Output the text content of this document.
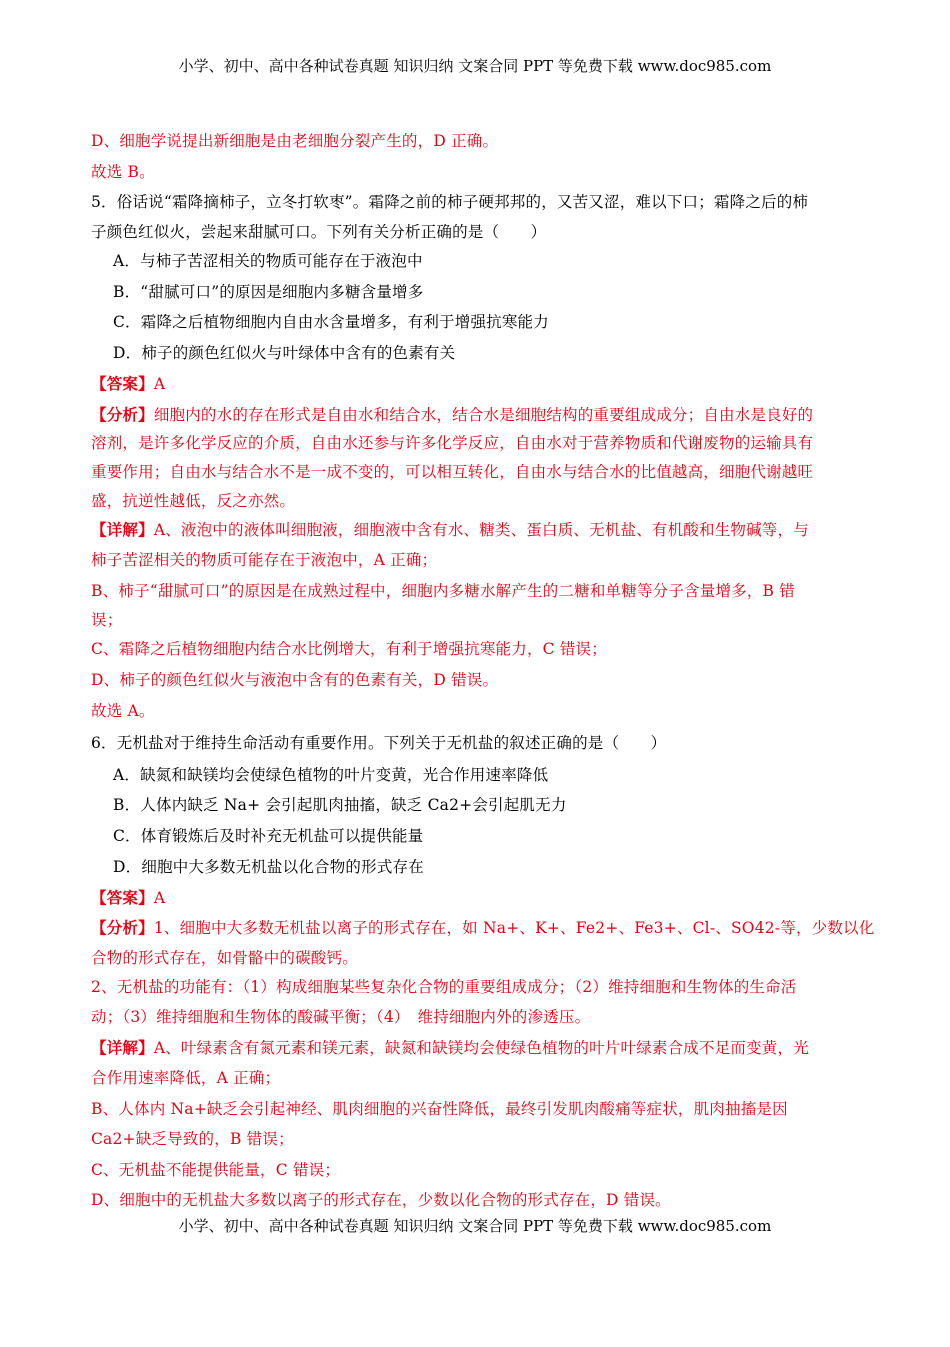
小学、初中、高中各种试卷真题 知识归纳 文案合同 PPT 等免费下载 www.doc985.com
D、细胞学说提出新细胞是由老细胞分裂产生的，D 正确。
故选 B。
5．俗话说“霜降摘柿子，立冬打软枣”。霜降之前的柿子硬邦邦的，又苦又涩，难以下口；霜降之后的柿
子颜色红似火，尝起来甜腻可口。下列有关分析正确的是（　　）
A．与柿子苦涩相关的物质可能存在于液泡中
B．“甜腻可口”的原因是细胞内多糖含量增多
C．霜降之后植物细胞内自由水含量增多，有利于增强抗寒能力
D．柿子的颜色红似火与叶绿体中含有的色素有关
【答案】A
【分析】细胞内的水的存在形式是自由水和结合水，结合水是细胞结构的重要组成成分；自由水是良好的
溶剂，是许多化学反应的介质，自由水还参与许多化学反应，自由水对于营养物质和代谢废物的运输具有
重要作用；自由水与结合水不是一成不变的，可以相互转化，自由水与结合水的比值越高，细胞代谢越旺
盛，抗逆性越低，反之亦然。
【详解】A、液泡中的液体叫细胞液，细胞液中含有水、糖类、蛋白质、无机盐、有机酸和生物碱等，与
柿子苦涩相关的物质可能存在于液泡中，A 正确；
B、柿子“甜腻可口”的原因是在成熟过程中，细胞内多糖水解产生的二糖和单糖等分子含量增多，B 错
误；
C、霜降之后植物细胞内结合水比例增大，有利于增强抗寒能力，C 错误；
D、柿子的颜色红似火与液泡中含有的色素有关，D 错误。
故选 A。
6．无机盐对于维持生命活动有重要作用。下列关于无机盐的叙述正确的是（　　）
A．缺氮和缺镁均会使绿色植物的叶片变黄，光合作用速率降低
B．人体内缺乏 Na+ 会引起肌肉抽搐，缺乏 Ca2+会引起肌无力
C．体育锻炼后及时补充无机盐可以提供能量
D．细胞中大多数无机盐以化合物的形式存在
【答案】A
【分析】1、细胞中大多数无机盐以离子的形式存在，如 Na+、K+、Fe2+、Fe3+、Cl-、SO42-等，少数以化
合物的形式存在，如骨骼中的碳酸钙。
2、无机盐的功能有：（1）构成细胞某些复杂化合物的重要组成成分；（2）维持细胞和生物体的生命活
动；（3）维持细胞和生物体的酸碱平衡；（4）　维持细胞内外的渗透压。
【详解】A、叶绿素含有氮元素和镁元素，缺氮和缺镁均会使绿色植物的叶片叶绿素合成不足而变黄，光
合作用速率降低，A 正确；
B、人体内 Na+缺乏会引起神经、肌肉细胞的兴奋性降低，最终引发肌肉酸痛等症状，肌肉抽搐是因
Ca2+缺乏导致的，B 错误；
C、无机盐不能提供能量，C 错误；
D、细胞中的无机盐大多数以离子的形式存在，少数以化合物的形式存在，D 错误。
小学、初中、高中各种试卷真题 知识归纳 文案合同 PPT 等免费下载 www.doc985.com
